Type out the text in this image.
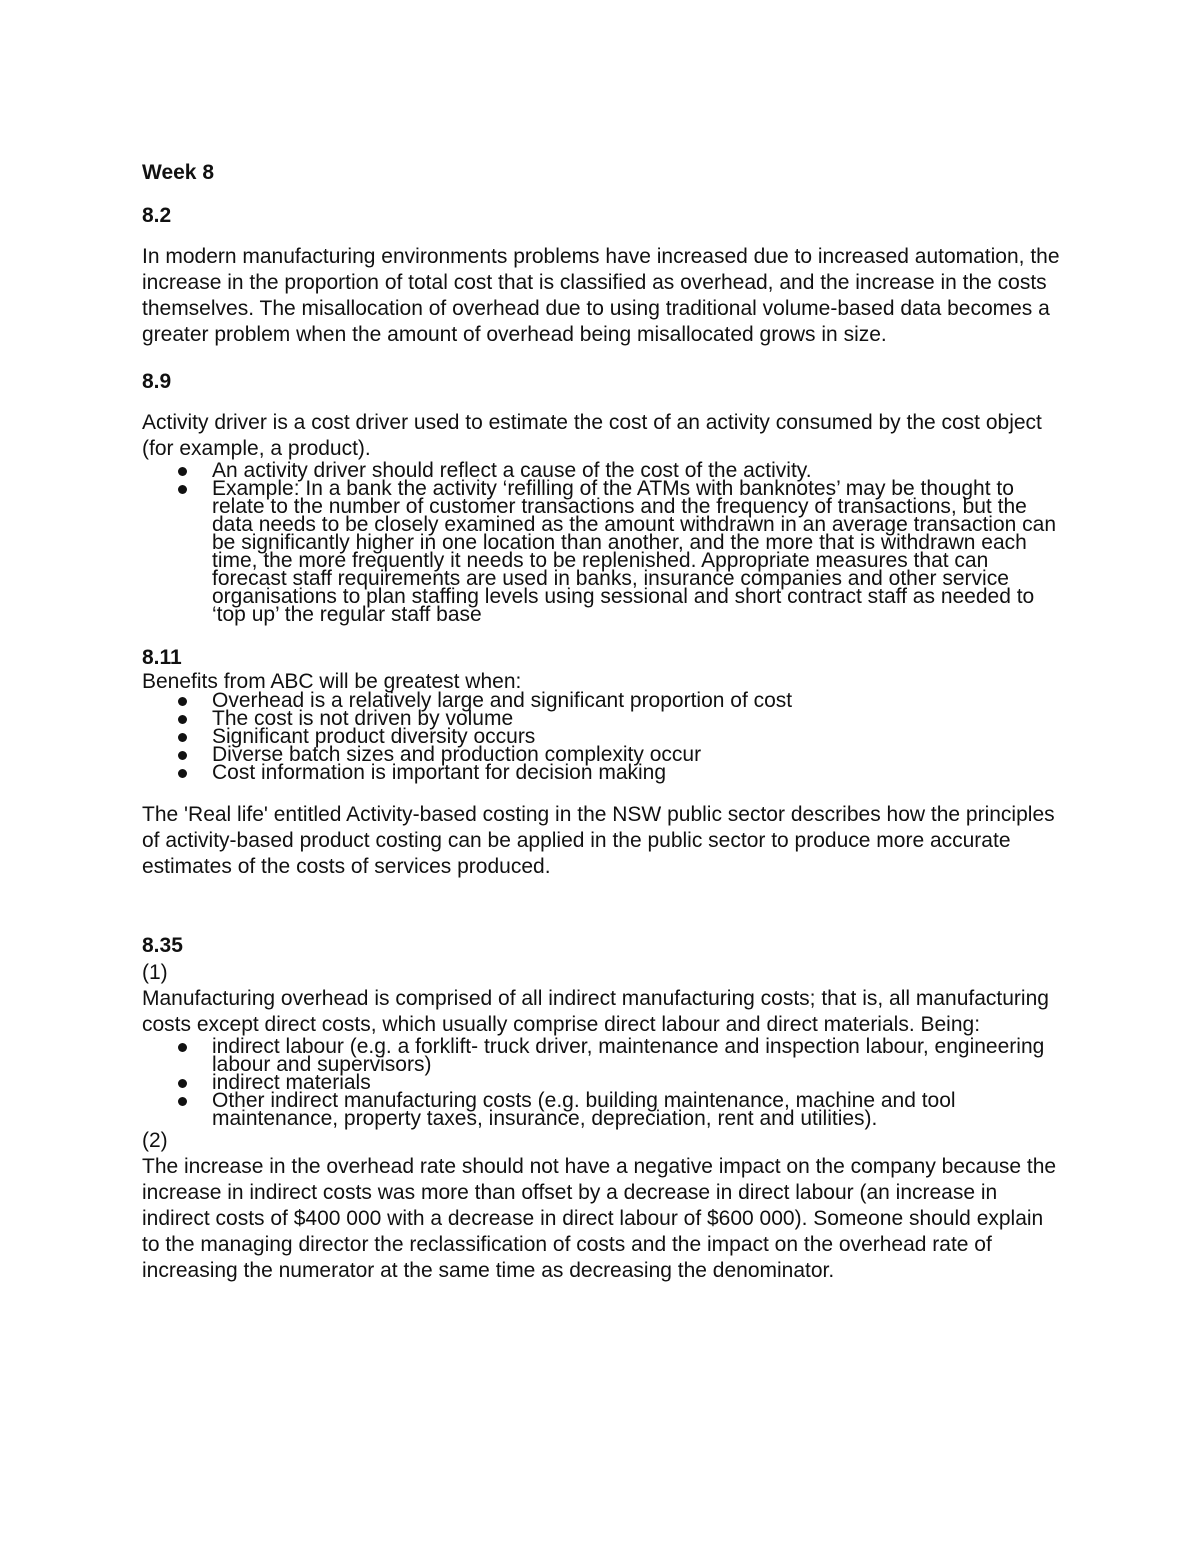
Week 8
8.2

In modern manufacturing environments problems have increased due to increased automation, the increase in the proportion of total cost that is classified as overhead, and the increase in the costs themselves. The misallocation of overhead due to using traditional volume-based data becomes a greater problem when the amount of overhead being misallocated grows in size.

8.9

Activity driver is a cost driver used to estimate the cost of an activity consumed by the cost object (for example, a product).

An activity driver should reflect a cause of the cost of the activity.
Example: In a bank the activity ‘refilling of the ATMs with banknotes’ may be thought to relate to the number of customer transactions and the frequency of transactions, but the data needs to be closely examined as the amount withdrawn in an average transaction can be significantly higher in one location than another, and the more that is withdrawn each time, the more frequently it needs to be replenished. Appropriate measures that can forecast staff requirements are used in banks, insurance companies and other service organisations to plan staffing levels using sessional and short contract staff as needed to ‘top up’ the regular staff base
8.11

Benefits from ABC will be greatest when:

Overhead is a relatively large and significant proportion of cost
The cost is not driven by volume
Significant product diversity occurs
Diverse batch sizes and production complexity occur
Cost information is important for decision making

The 'Real life' entitled Activity-based costing in the NSW public sector describes how the principles of activity-based product costing can be applied in the public sector to produce more accurate estimates of the costs of services produced.

8.35

(1)

Manufacturing overhead is comprised of all indirect manufacturing costs; that is, all manufacturing costs except direct costs, which usually comprise direct labour and direct materials. Being:

indirect labour (e.g. a forklift- truck driver, maintenance and inspection labour, engineering labour and supervisors)
indirect materials
Other indirect manufacturing costs (e.g. building maintenance, machine and tool maintenance, property taxes, insurance, depreciation, rent and utilities).

(2)

The increase in the overhead rate should not have a negative impact on the company because the increase in indirect costs was more than offset by a decrease in direct labour (an increase in indirect costs of $400 000 with a decrease in direct labour of $600 000). Someone should explain to the managing director the reclassification of costs and the impact on the overhead rate of increasing the numerator at the same time as decreasing the denominator.
